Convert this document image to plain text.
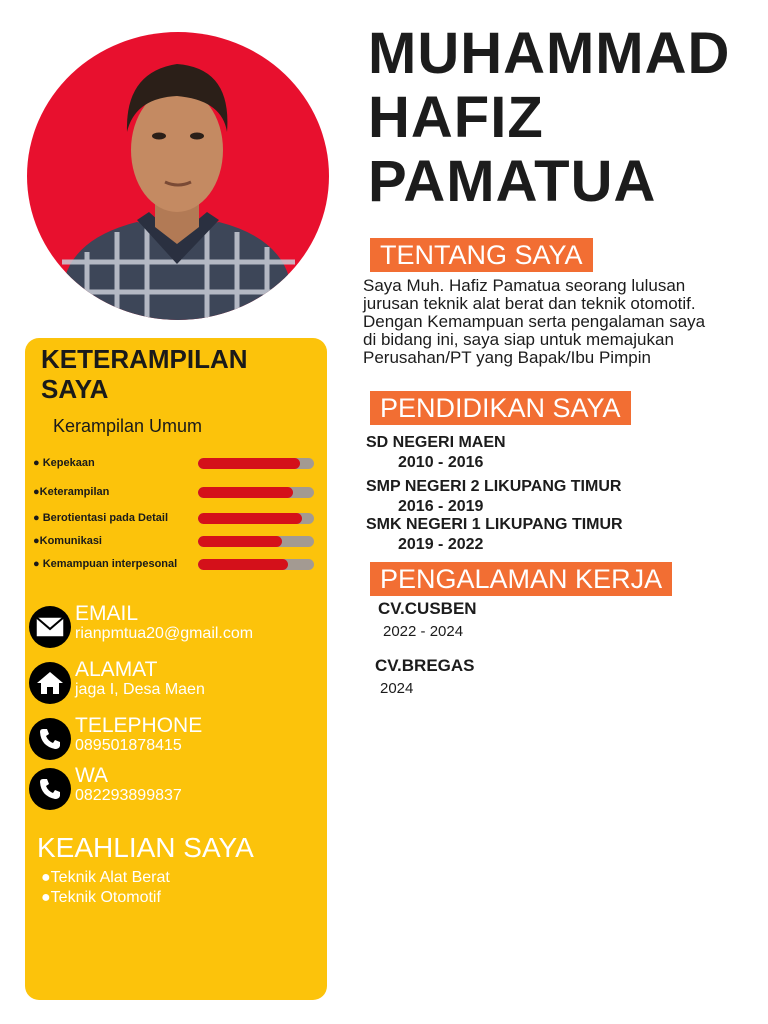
MUHAMMAD
HAFIZ
PAMATUA
TENTANG SAYA

Saya Muh. Hafiz Pamatua seorang lulusan
jurusan teknik alat berat dan teknik otomotif.
Dengan Kemampuan serta pengalaman saya
di bidang ini, saya siap untuk memajukan
Perusahan/PT yang Bapak/Ibu Pimpin

PENDIDIKAN SAYA
SD NEGERI MAEN
2010 - 2016
SMP NEGERI 2 LIKUPANG TIMUR
2016 - 2019
SMK NEGERI 1 LIKUPANG TIMUR
2019 - 2022
PENGALAMAN KERJA
CV.CUSBEN
2022 - 2024
CV.BREGAS
2024
KETERAMPILAN
SAYA
Kerampilan Umum
● Kepekaan
●Keterampilan
● Berotientasi pada Detail
●Komunikasi
● Kemampuan interpesonal
EMAIL
rianpmtua20@gmail.com
ALAMAT
jaga I, Desa Maen
TELEPHONE
089501878415
WA
082293899837
KEAHLIAN SAYA
●Teknik Alat Berat
●Teknik Otomotif
